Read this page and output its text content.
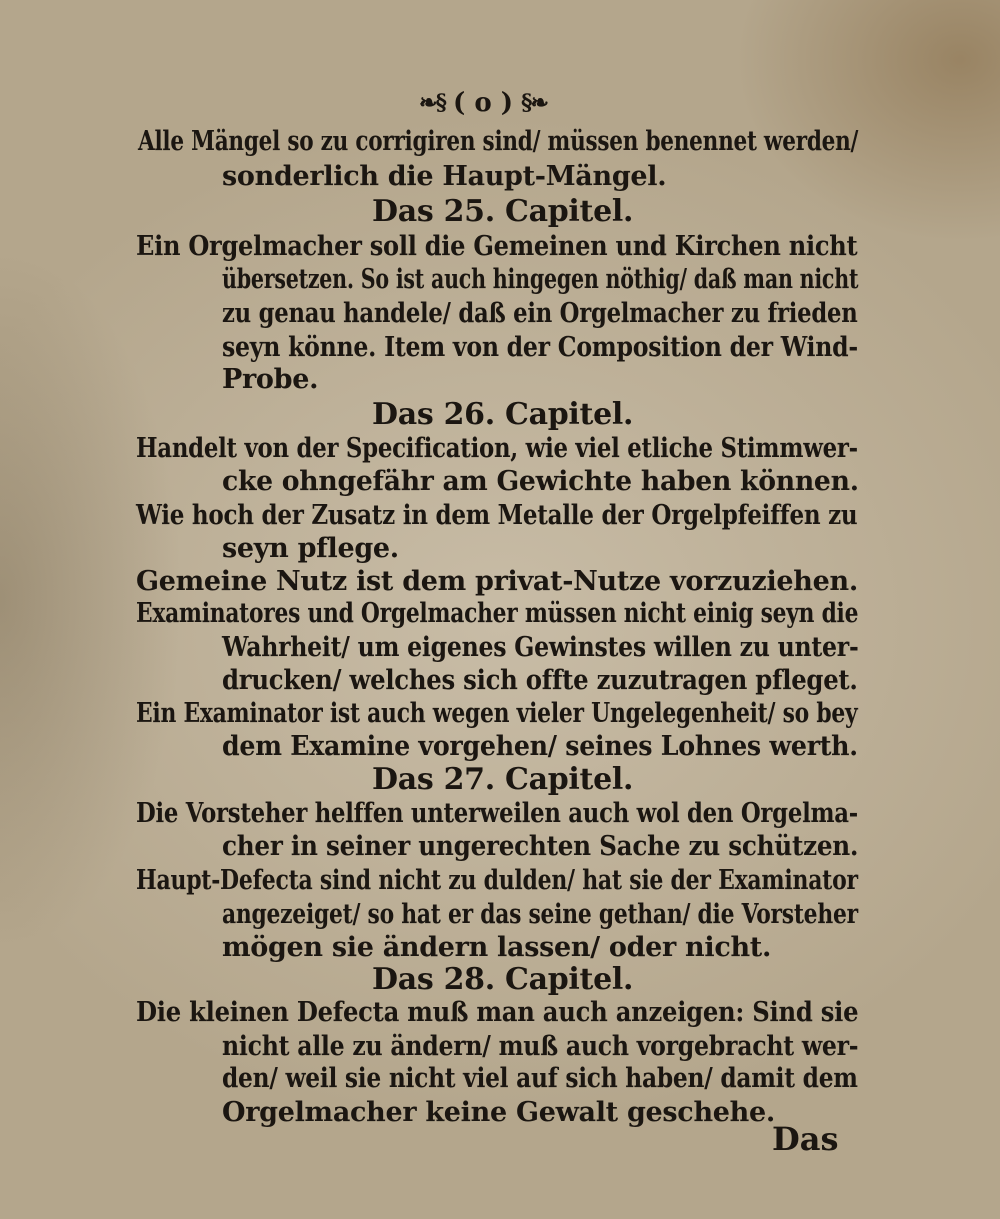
❧§ ( o ) §❧
Alle Mängel so zu corrigiren sind/ müssen benennet werden/
sonderlich die Haupt-Mängel.
Das 25. Capitel.
Ein Orgelmacher soll die Gemeinen und Kirchen nicht
übersetzen. So ist auch hingegen nöthig/ daß man nicht
zu genau handele/ daß ein Orgelmacher zu frieden
seyn könne. Item von der Composition der Wind-
Probe.
Das 26. Capitel.
Handelt von der Specification, wie viel etliche Stimmwer-
cke ohngefähr am Gewichte haben können.
Wie hoch der Zusatz in dem Metalle der Orgelpfeiffen zu
seyn pflege.
Gemeine Nutz ist dem privat-Nutze vorzuziehen.
Examinatores und Orgelmacher müssen nicht einig seyn die
Wahrheit/ um eigenes Gewinstes willen zu unter-
drucken/ welches sich offte zuzutragen pfleget.
Ein Examinator ist auch wegen vieler Ungelegenheit/ so bey
dem Examine vorgehen/ seines Lohnes werth.
Das 27. Capitel.
Die Vorsteher helffen unterweilen auch wol den Orgelma-
cher in seiner ungerechten Sache zu schützen.
Haupt-Defecta sind nicht zu dulden/ hat sie der Examinator
angezeiget/ so hat er das seine gethan/ die Vorsteher
mögen sie ändern lassen/ oder nicht.
Das 28. Capitel.
Die kleinen Defecta muß man auch anzeigen: Sind sie
nicht alle zu ändern/ muß auch vorgebracht wer-
den/ weil sie nicht viel auf sich haben/ damit dem
Orgelmacher keine Gewalt geschehe.
Das
